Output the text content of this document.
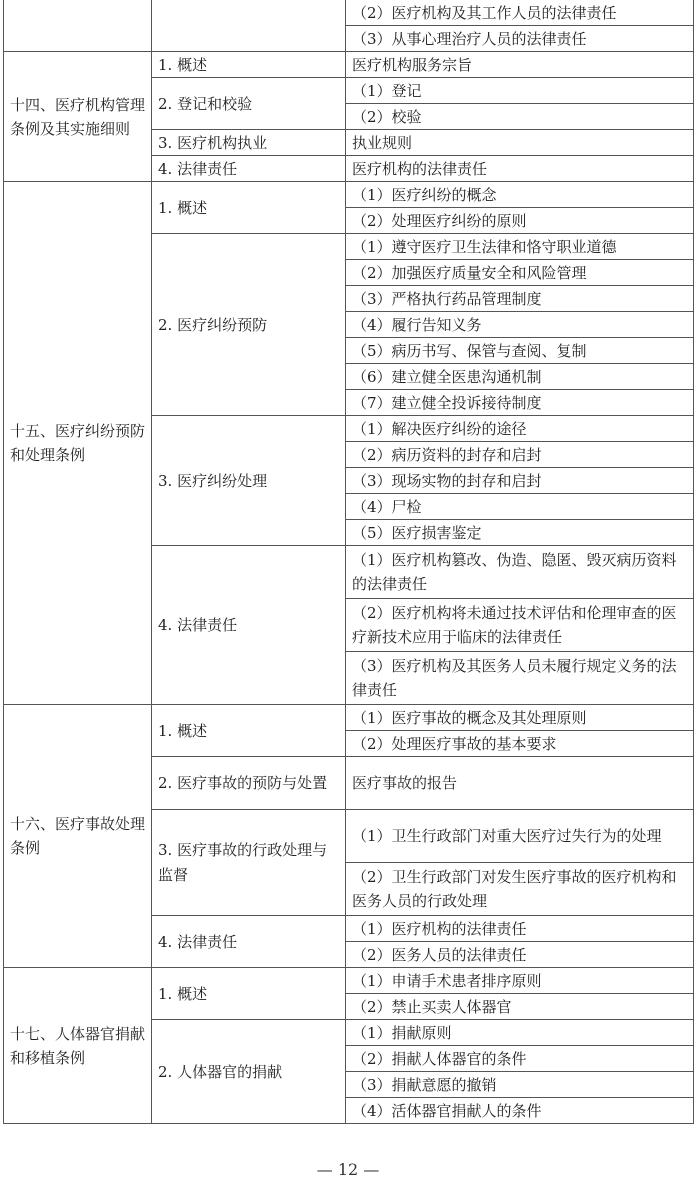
		（2）医疗机构及其工作人员的法律责任
		（3）从事心理治疗人员的法律责任
十四、医疗机构管理条例及其实施细则	1. 概述	医疗机构服务宗旨
	2. 登记和校验	（1）登记
		（2）校验
	3. 医疗机构执业	执业规则
	4. 法律责任	医疗机构的法律责任
十五、医疗纠纷预防和处理条例	1. 概述	（1）医疗纠纷的概念
		（2）处理医疗纠纷的原则
	2. 医疗纠纷预防	（1）遵守医疗卫生法律和恪守职业道德
		（2）加强医疗质量安全和风险管理
		（3）严格执行药品管理制度
		（4）履行告知义务
		（5）病历书写、保管与查阅、复制
		（6）建立健全医患沟通机制
		（7）建立健全投诉接待制度
	3. 医疗纠纷处理	（1）解决医疗纠纷的途径
		（2）病历资料的封存和启封
		（3）现场实物的封存和启封
		（4）尸检
		（5）医疗损害鉴定
	4. 法律责任	（1）医疗机构篡改、伪造、隐匿、毁灭病历资料的法律责任
		（2）医疗机构将未通过技术评估和伦理审查的医疗新技术应用于临床的法律责任
		（3）医疗机构及其医务人员未履行规定义务的法律责任
十六、医疗事故处理条例	1. 概述	（1）医疗事故的概念及其处理原则
		（2）处理医疗事故的基本要求
	2. 医疗事故的预防与处置	医疗事故的报告
	3. 医疗事故的行政处理与监督	（1）卫生行政部门对重大医疗过失行为的处理
		（2）卫生行政部门对发生医疗事故的医疗机构和医务人员的行政处理
	4. 法律责任	（1）医疗机构的法律责任
		（2）医务人员的法律责任
十七、人体器官捐献和移植条例	1. 概述	（1）申请手术患者排序原则
		（2）禁止买卖人体器官
	2. 人体器官的捐献	（1）捐献原则
		（2）捐献人体器官的条件
		（3）捐献意愿的撤销
		（4）活体器官捐献人的条件
— 12 —
